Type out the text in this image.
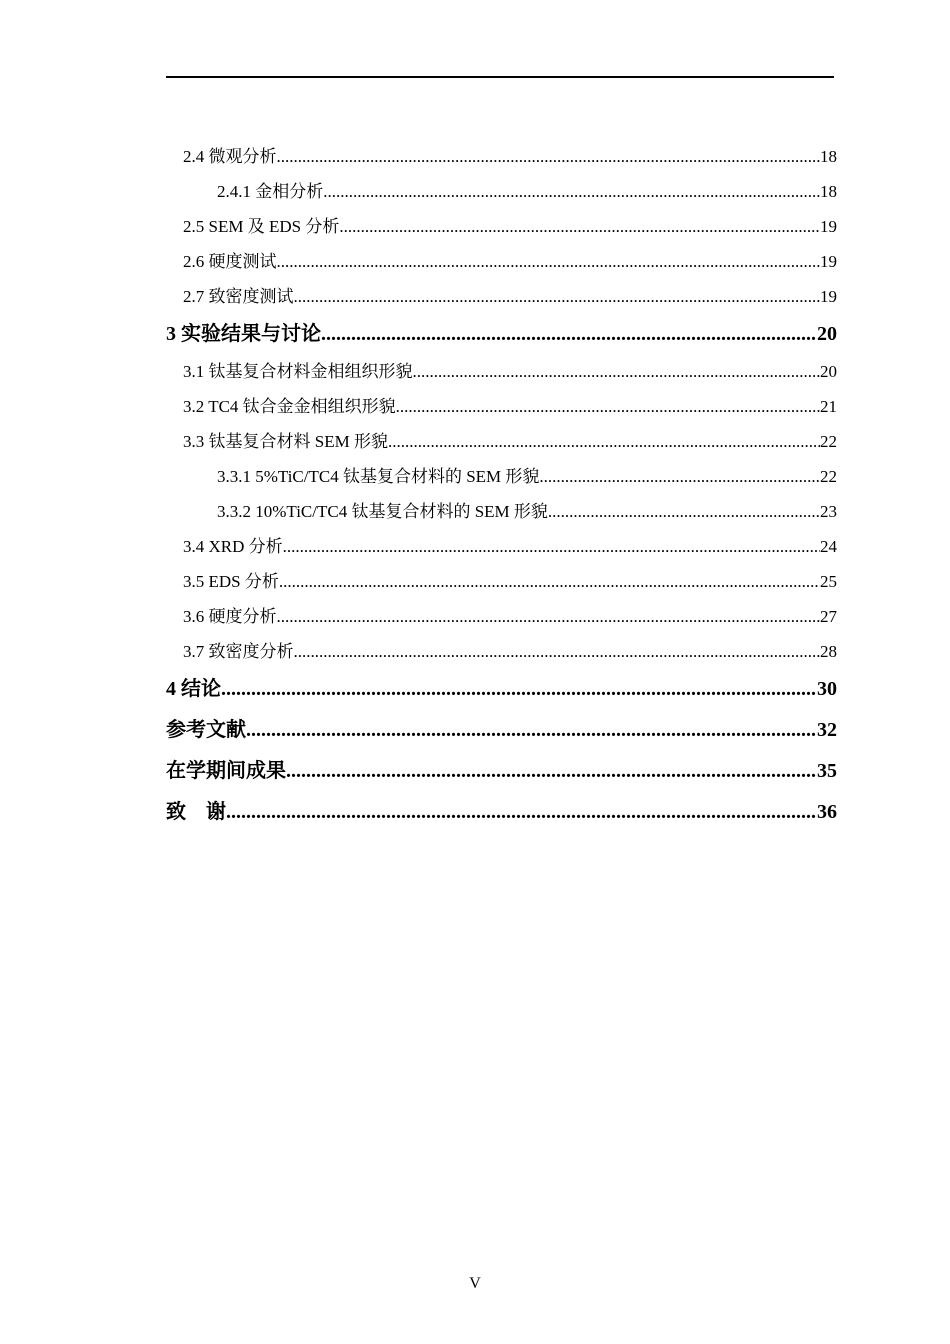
2.4 微观分析 .....	18
2.4.1 金相分析 .....	18
2.5 SEM 及 EDS 分析 .....	19
2.6 硬度测试 .....	19
2.7 致密度测试 .....	19
3 实验结果与讨论 .....	20
3.1 钛基复合材料金相组织形貌 .....	20
3.2 TC4 钛合金金相组织形貌 .....	21
3.3 钛基复合材料 SEM 形貌 .....	22
3.3.1 5%TiC/TC4 钛基复合材料的 SEM 形貌 .....	22
3.3.2 10%TiC/TC4 钛基复合材料的 SEM 形貌 .....	23
3.4 XRD 分析 .....	24
3.5 EDS 分析 .....	25
3.6 硬度分析 .....	27
3.7 致密度分析 .....	28
4 结论 .....	30
参考文献 .....	32
在学期间成果 .....	35
致　谢 .....	36
V
